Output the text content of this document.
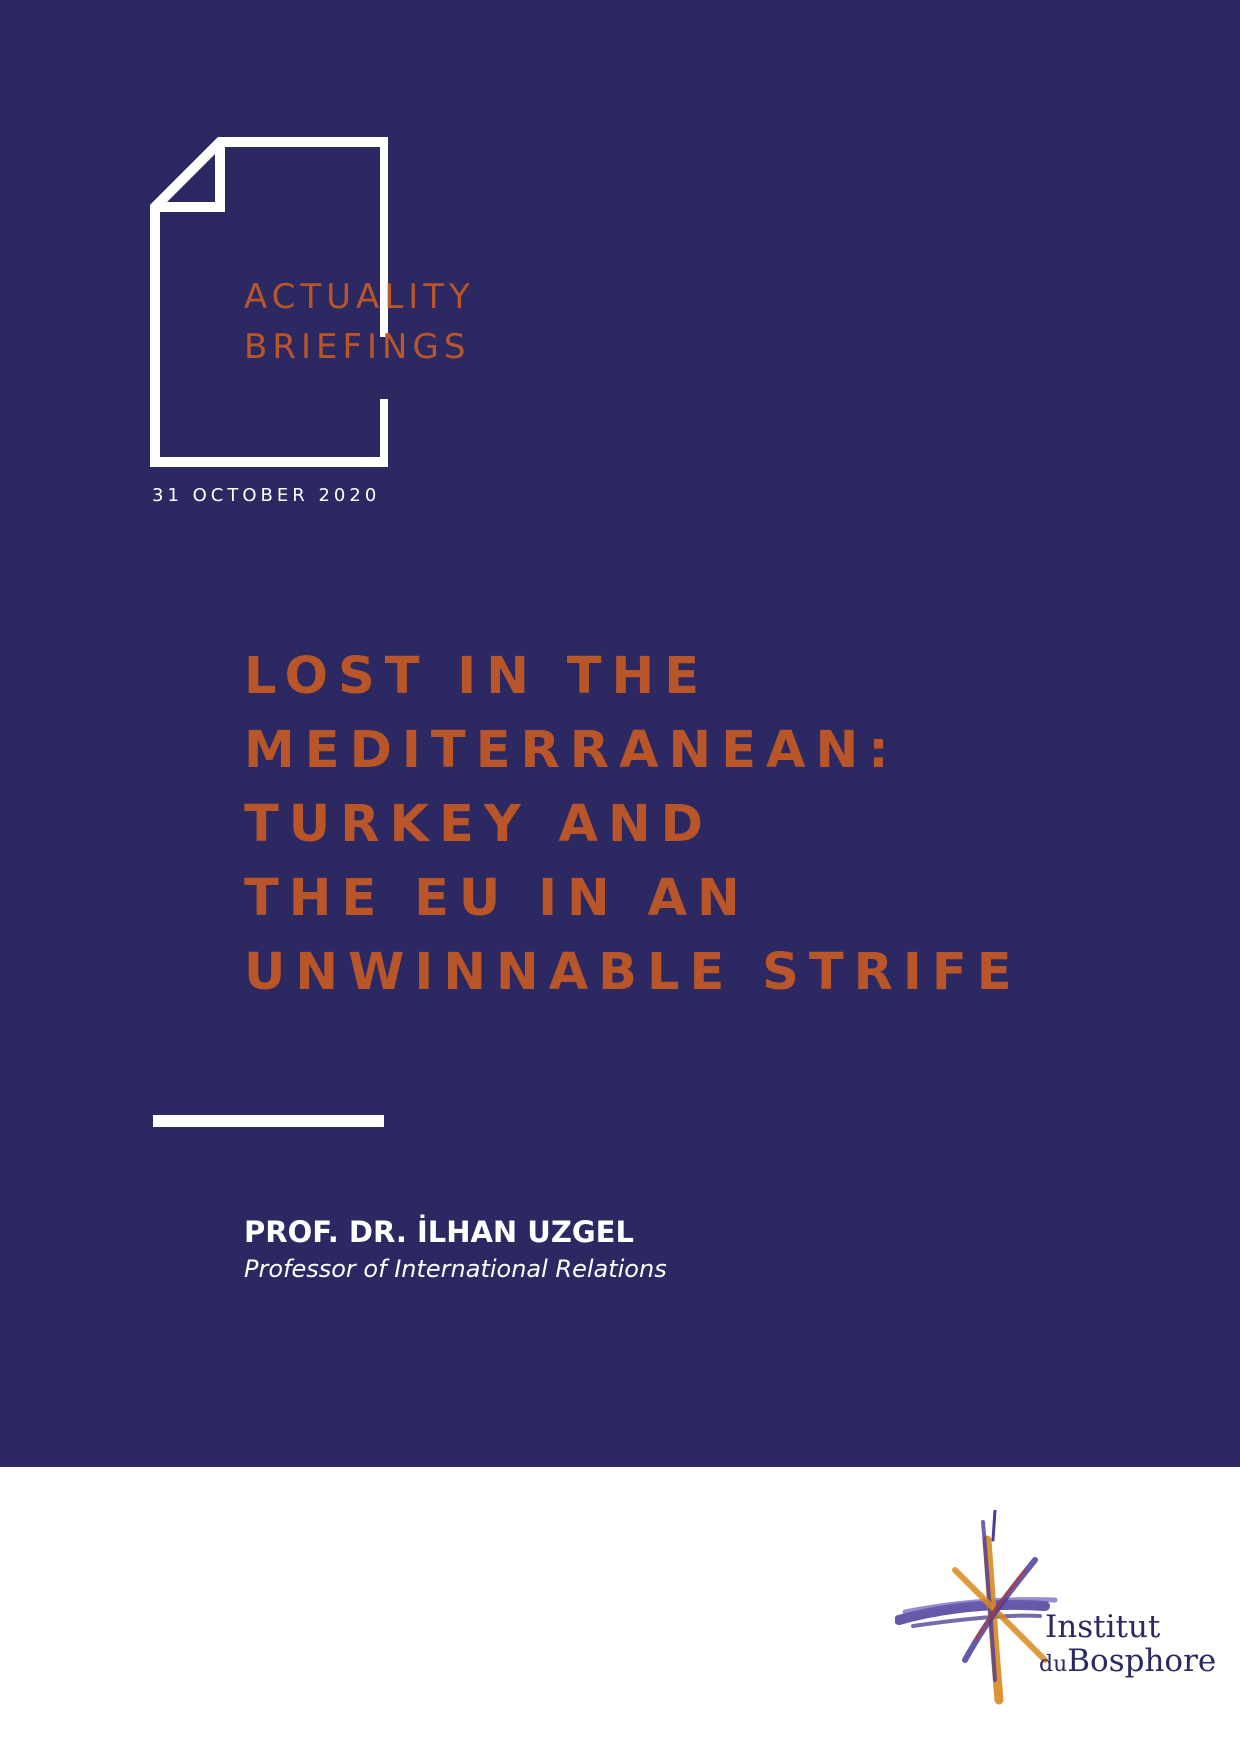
ACTUALITY
BRIEFINGS
31 OCTOBER 2020
LOST IN THE
MEDITERRANEAN:
TURKEY AND
THE EU IN AN
UNWINNABLE STRIFE
PROF. DR. İLHAN UZGEL
Professor of International Relations
Institut
duBosphore
